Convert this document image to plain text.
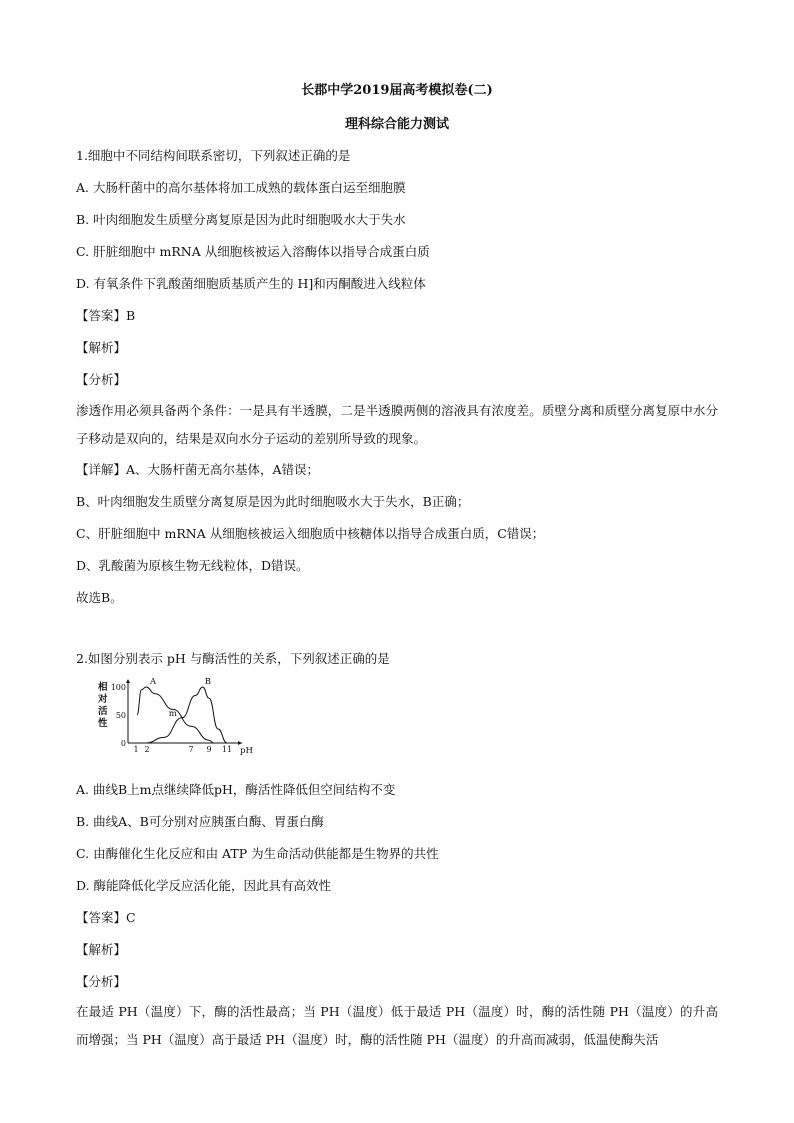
长郡中学2019届高考模拟卷(二)
理科综合能力测试
1.细胞中不同结构间联系密切，下列叙述正确的是
A. 大肠杆菌中的高尔基体将加工成熟的载体蛋白运至细胞膜
B. 叶肉细胞发生质壁分离复原是因为此时细胞吸水大于失水
C. 肝脏细胞中 mRNA 从细胞核被运入溶酶体以指导合成蛋白质
D. 有氧条件下乳酸菌细胞质基质产生的 H]和丙酮酸进入线粒体
【答案】B
【解析】
【分析】
渗透作用必须具备两个条件：一是具有半透膜，二是半透膜两侧的溶液具有浓度差。质壁分离和质壁分离复原中水分子移动是双向的，结果是双向水分子运动的差别所导致的现象。
【详解】A、大肠杆菌无高尔基体，A错误；
B、叶肉细胞发生质壁分离复原是因为此时细胞吸水大于失水，B正确；
C、肝脏细胞中 mRNA 从细胞核被运入细胞质中核糖体以指导合成蛋白质，C错误；
D、乳酸菌为原核生物无线粒体，D错误。
故选B。
2.如图分别表示 pH 与酶活性的关系，下列叙述正确的是
相
对
活
性
100
50
0
1 2	7 9 11 pH
A	B
m
A. 曲线B上m点继续降低pH，酶活性降低但空间结构不变
B. 曲线A、B可分别对应胰蛋白酶、胃蛋白酶
C. 由酶催化生化反应和由 ATP 为生命活动供能都是生物界的共性
D. 酶能降低化学反应活化能，因此具有高效性
【答案】C
【解析】
【分析】
在最适 PH（温度）下，酶的活性最高；当 PH（温度）低于最适 PH（温度）时，酶的活性随 PH（温度）的升高而增强；当 PH（温度）高于最适 PH（温度）时，酶的活性随 PH（温度）的升高而减弱，低温使酶失活
